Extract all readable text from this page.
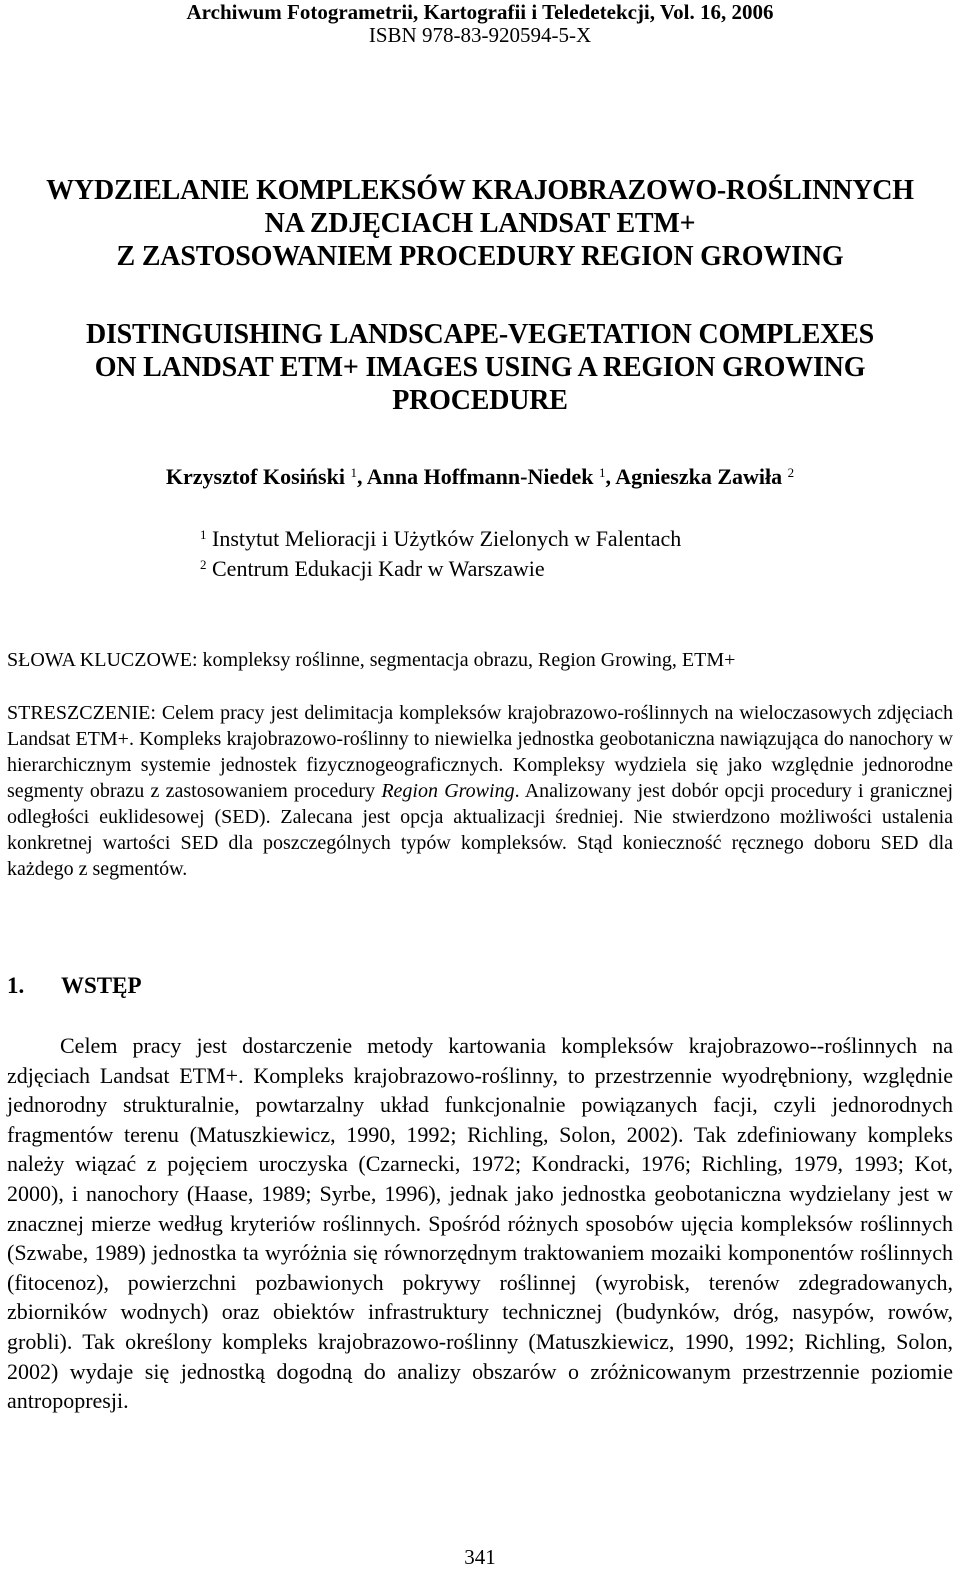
Archiwum Fotogrametrii, Kartografii i Teledetekcji, Vol. 16, 2006
ISBN 978-83-920594-5-X
WYDZIELANIE KOMPLEKSÓW KRAJOBRAZOWO-ROŚLINNYCH
NA ZDJĘCIACH LANDSAT ETM+
Z ZASTOSOWANIEM PROCEDURY REGION GROWING
DISTINGUISHING LANDSCAPE-VEGETATION COMPLEXES
ON LANDSAT ETM+ IMAGES USING A REGION GROWING
PROCEDURE
Krzysztof Kosiński $^1$, Anna Hoffmann-Niedek $^1$, Agnieszka Zawiła $^2$
$^1$ Instytut Melioracji i Użytków Zielonych w Falentach
$^2$ Centrum Edukacji Kadr w Warszawie
SŁOWA KLUCZOWE: kompleksy roślinne, segmentacja obrazu, Region Growing, ETM+
STRESZCZENIE: Celem pracy jest delimitacja kompleksów krajobrazowo-roślinnych na wieloczasowych zdjęciach Landsat ETM+. Kompleks krajobrazowo-roślinny to niewielka jednostka geobotaniczna nawiązująca do nanochory w hierarchicznym systemie jednostek fizycznogeograficznych. Kompleksy wydziela się jako względnie jednorodne segmenty obrazu z zastosowaniem procedury Region Growing. Analizowany jest dobór opcji procedury i granicznej odległości euklidesowej (SED). Zalecana jest opcja aktualizacji średniej. Nie stwierdzono możliwości ustalenia konkretnej wartości SED dla poszczególnych typów kompleksów. Stąd konieczność ręcznego doboru SED dla każdego z segmentów.
1. WSTĘP
Celem pracy jest dostarczenie metody kartowania kompleksów krajobrazowo--roślinnych na zdjęciach Landsat ETM+. Kompleks krajobrazowo-roślinny, to przestrzennie wyodrębniony, względnie jednorodny strukturalnie, powtarzalny układ funkcjonalnie powiązanych facji, czyli jednorodnych fragmentów terenu (Matuszkiewicz, 1990, 1992; Richling, Solon, 2002). Tak zdefiniowany kompleks należy wiązać z pojęciem uroczyska (Czarnecki, 1972; Kondracki, 1976; Richling, 1979, 1993; Kot, 2000), i nanochory (Haase, 1989; Syrbe, 1996), jednak jako jednostka geobotaniczna wydzielany jest w znacznej mierze według kryteriów roślinnych. Spośród różnych sposobów ujęcia kompleksów roślinnych (Szwabe, 1989) jednostka ta wyróżnia się równorzędnym traktowaniem mozaiki komponentów roślinnych (fitocenoz), powierzchni pozbawionych pokrywy roślinnej (wyrobisk, terenów zdegradowanych, zbiorników wodnych) oraz obiektów infrastruktury technicznej (budynków, dróg, nasypów, rowów, grobli). Tak określony kompleks krajobrazowo-roślinny (Matuszkiewicz, 1990, 1992; Richling, Solon, 2002) wydaje się jednostką dogodną do analizy obszarów o zróżnicowanym przestrzennie poziomie antropopresji.
341
